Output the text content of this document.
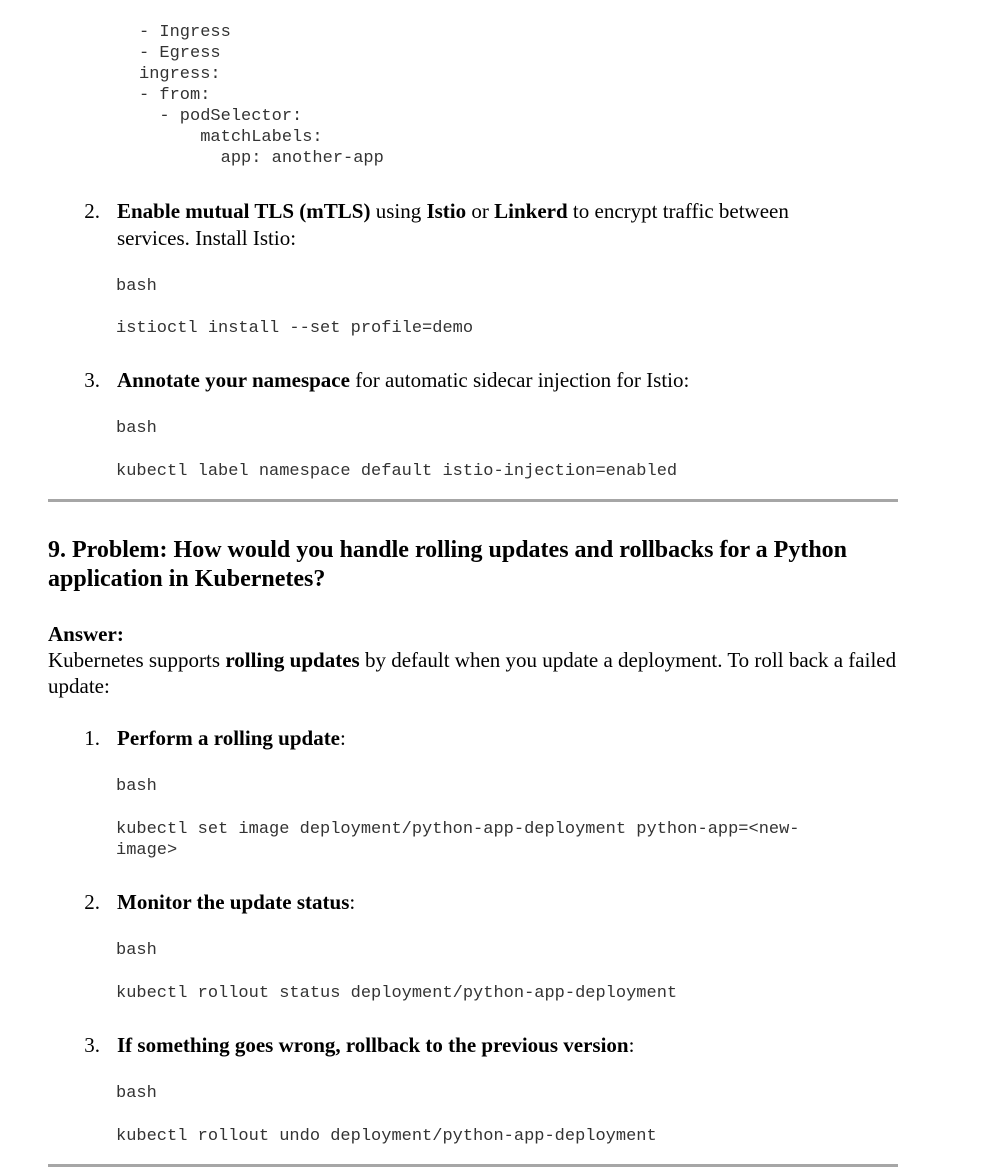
- Ingress
- Egress
ingress:
- from:
- podSelector:
matchLabels:
app: another-app
2. Enable mutual TLS (mTLS) using Istio or Linkerd to encrypt traffic between
services. Install Istio:
bash
istioctl install --set profile=demo
3. Annotate your namespace for automatic sidecar injection for Istio:
bash
kubectl label namespace default istio-injection=enabled
9. Problem: How would you handle rolling updates and rollbacks for a Python application in Kubernetes?
Answer:
Kubernetes supports rolling updates by default when you update a deployment. To roll back a failed update:
1. Perform a rolling update:
bash
kubectl set image deployment/python-app-deployment python-app=<new-
image>
2. Monitor the update status:
bash
kubectl rollout status deployment/python-app-deployment
3. If something goes wrong, rollback to the previous version:
bash
kubectl rollout undo deployment/python-app-deployment
